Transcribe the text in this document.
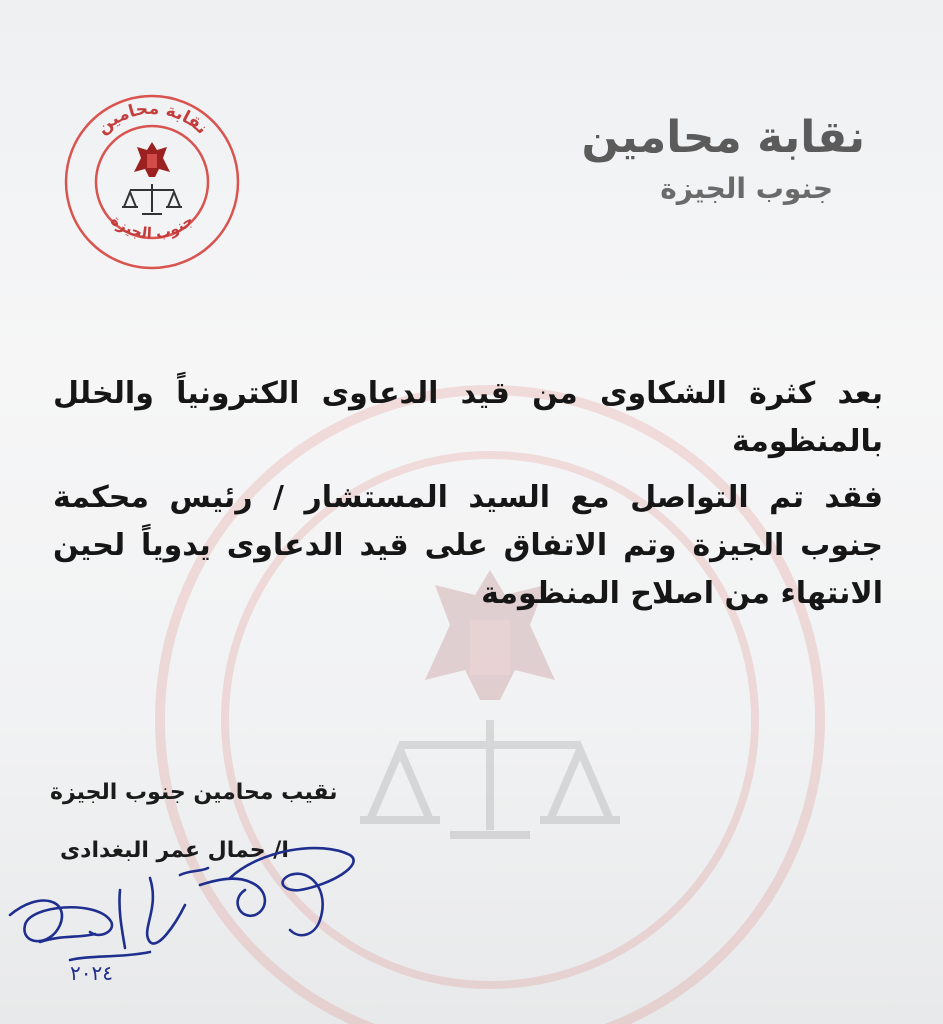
نقابة محامين
جنوب الجيزة
نقابة محامين
جنوب الجيزة

بعد كثرة الشكاوى من قيد الدعاوى الكترونياً والخلل بالمنظومة

فقد تم التواصل مع السيد المستشار / رئيس محكمة جنوب الجيزة وتم الاتفاق على قيد الدعاوى يدوياً لحين الانتهاء من اصلاح المنظومة

نقيب محامين جنوب الجيزة
ا/ جمال عمر البغدادى
٢٠٢٤
